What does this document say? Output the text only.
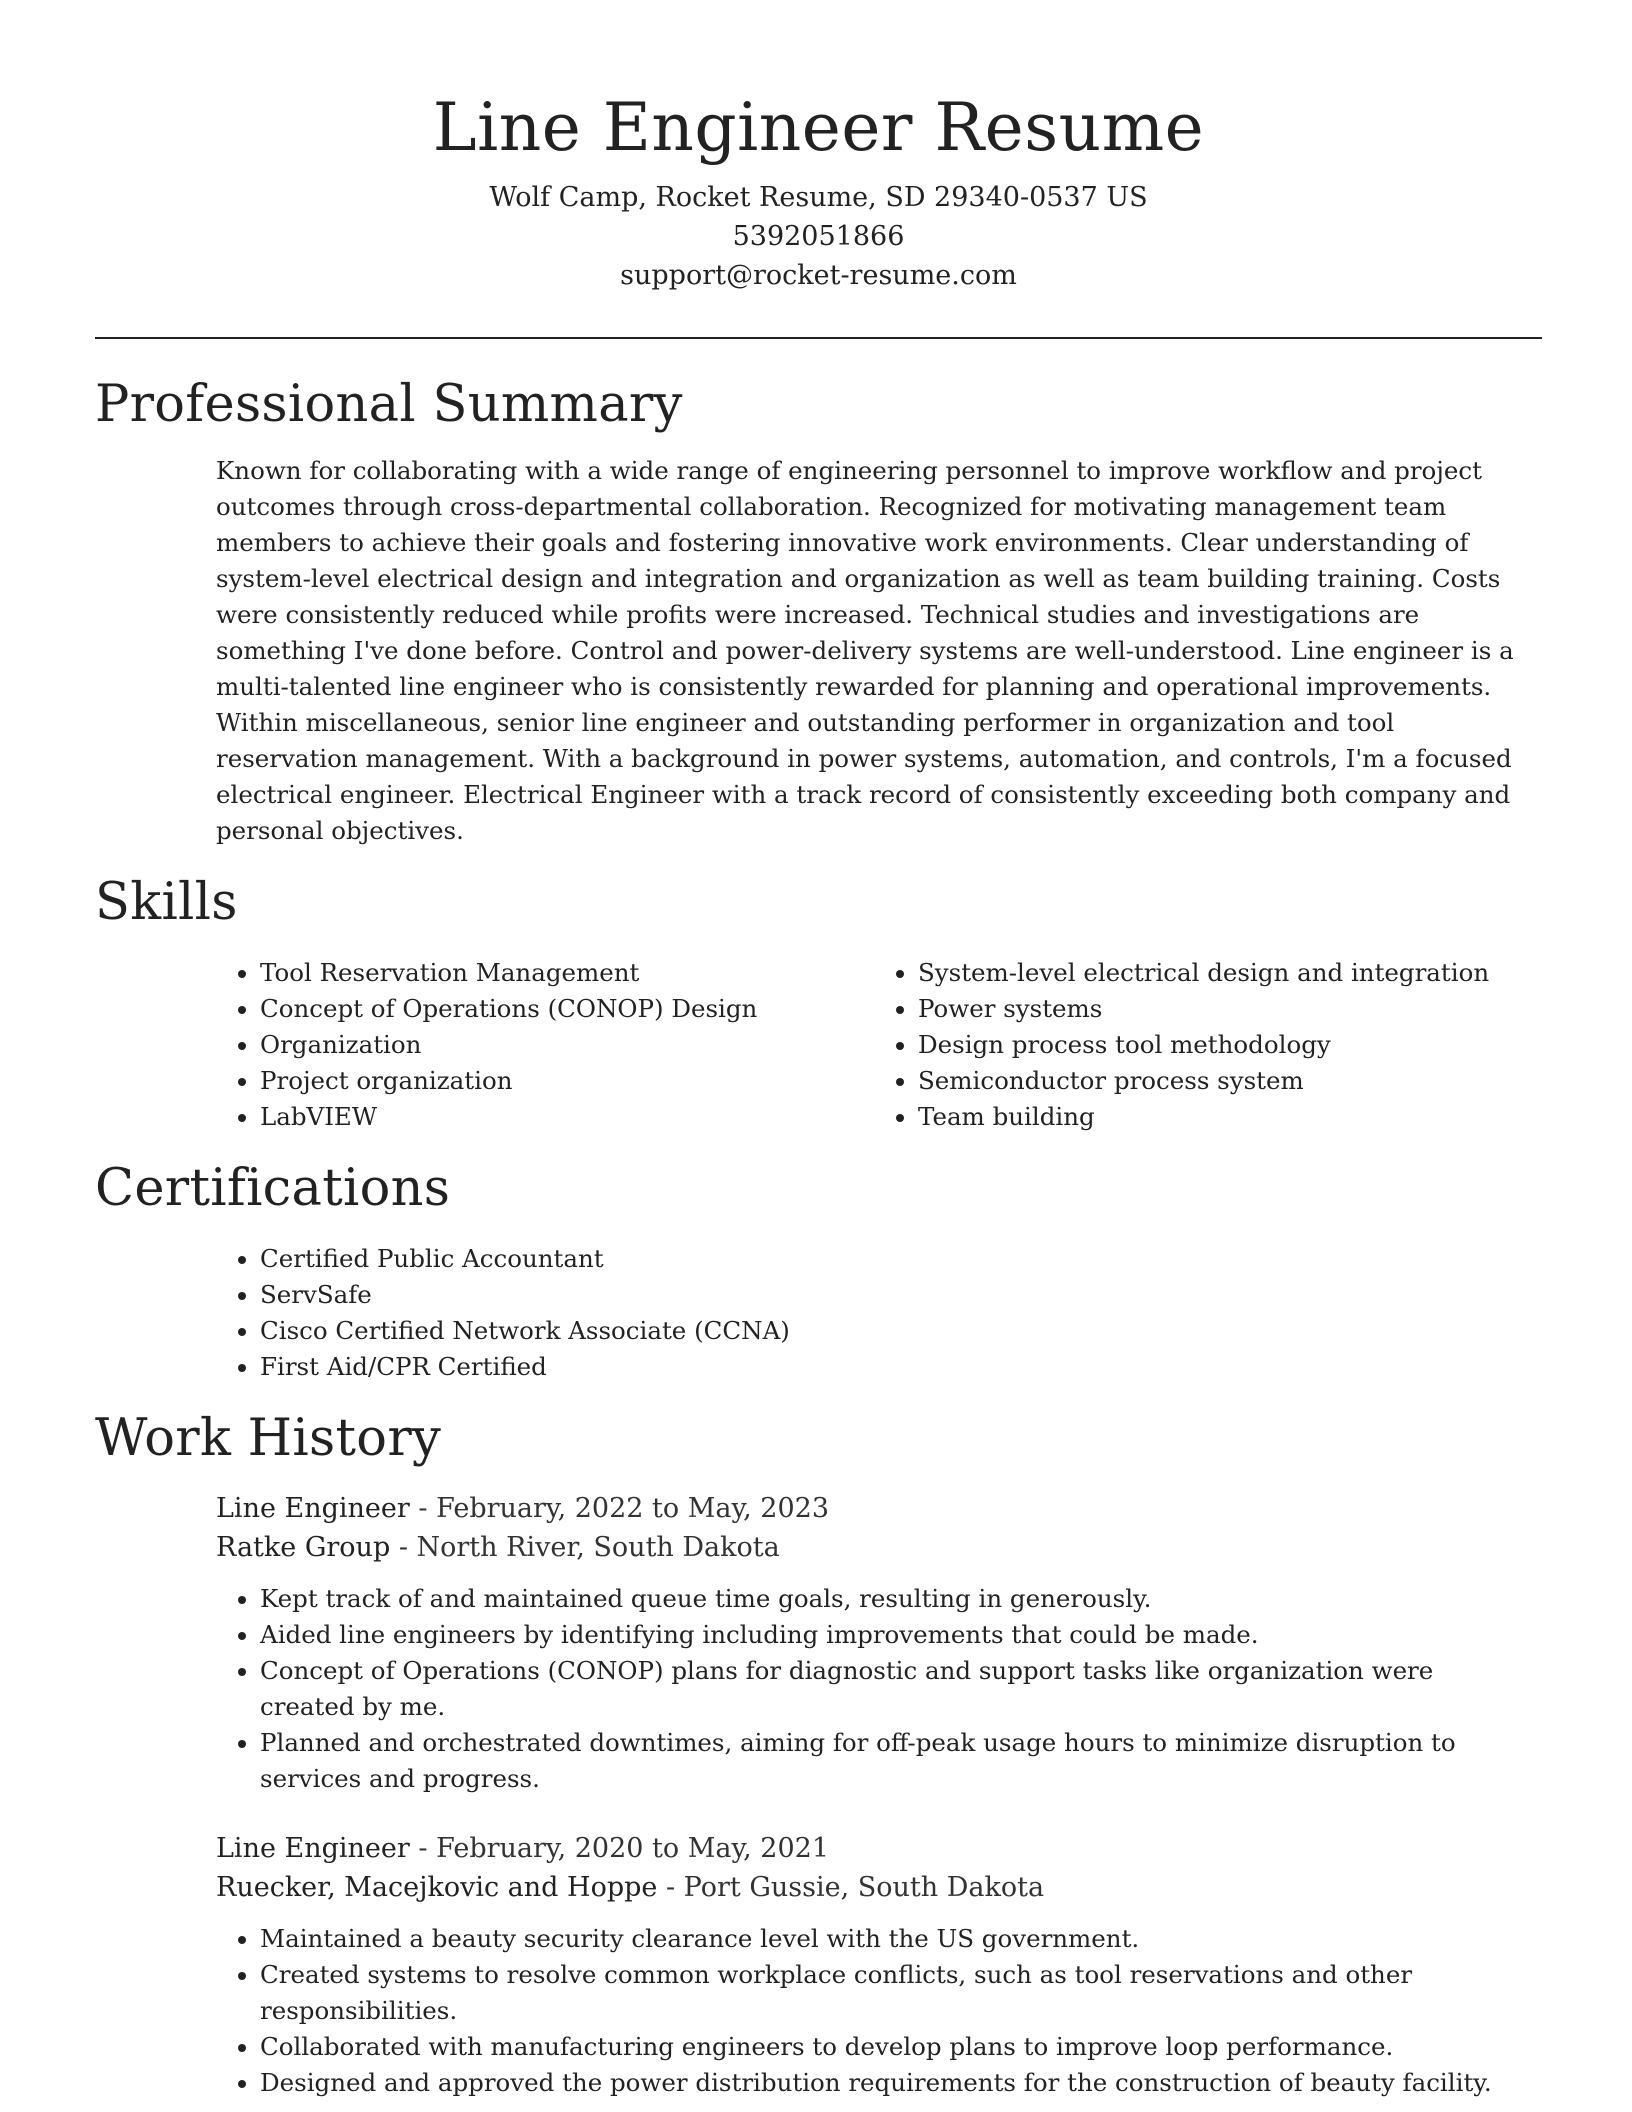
Line Engineer Resume
Wolf Camp, Rocket Resume, SD 29340-0537 US
5392051866
support@rocket-resume.com
Professional Summary

Known for collaborating with a wide range of engineering personnel to improve workflow and project outcomes through cross-departmental collaboration. Recognized for motivating management team members to achieve their goals and fostering innovative work environments. Clear understanding of system-level electrical design and integration and organization as well as team building training. Costs were consistently reduced while profits were increased. Technical studies and investigations are something I've done before. Control and power-delivery systems are well-understood. Line engineer is a multi-talented line engineer who is consistently rewarded for planning and operational improvements. Within miscellaneous, senior line engineer and outstanding performer in organization and tool reservation management. With a background in power systems, automation, and controls, I'm a focused electrical engineer. Electrical Engineer with a track record of consistently exceeding both company and personal objectives.

Skills
• Tool Reservation Management
• Concept of Operations (CONOP) Design
• Organization
• Project organization
• LabVIEW
• System-level electrical design and integration
• Power systems
• Design process tool methodology
• Semiconductor process system
• Team building
Certifications
• Certified Public Accountant
• ServSafe
• Cisco Certified Network Associate (CCNA)
• First Aid/CPR Certified
Work History
Line Engineer - February, 2022 to May, 2023
Ratke Group - North River, South Dakota
• Kept track of and maintained queue time goals, resulting in generously.
• Aided line engineers by identifying including improvements that could be made.
• Concept of Operations (CONOP) plans for diagnostic and support tasks like organization were created by me.
• Planned and orchestrated downtimes, aiming for off-peak usage hours to minimize disruption to services and progress.
Line Engineer - February, 2020 to May, 2021
Ruecker, Macejkovic and Hoppe - Port Gussie, South Dakota
• Maintained a beauty security clearance level with the US government.
• Created systems to resolve common workplace conflicts, such as tool reservations and other responsibilities.
• Collaborated with manufacturing engineers to develop plans to improve loop performance.
• Designed and approved the power distribution requirements for the construction of beauty facility.
